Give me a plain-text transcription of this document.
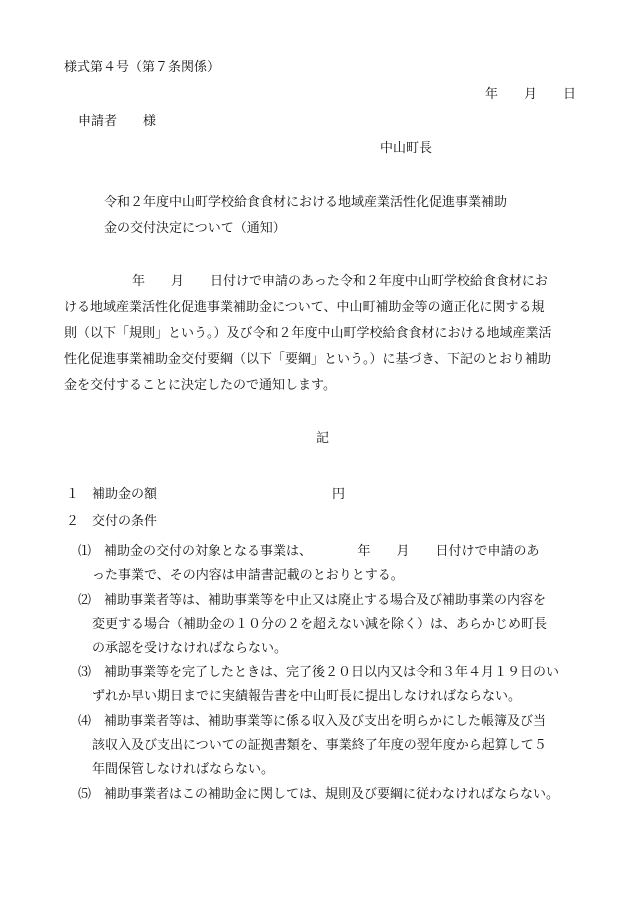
様式第４号（第７条関係）
年　　月　　日
申請者　　様
中山町長
令和２年度中山町学校給食食材における地域産業活性化促進事業補助
金の交付決定について（通知）
年　　月　　日付けで申請のあった令和２年度中山町学校給食食材にお
ける地域産業活性化促進事業補助金について、中山町補助金等の適正化に関する規
則（以下「規則」という。）及び令和２年度中山町学校給食食材における地域産業活
性化促進事業補助金交付要綱（以下「要綱」という。）に基づき、下記のとおり補助
金を交付することに決定したので通知します。
記
１ 補助金の額	円
２ 交付の条件
⑴ 補助金の交付の対象となる事業は、　　　　年　　月　　日付けで申請のあ
った事業で、その内容は申請書記載のとおりとする。
⑵ 補助事業者等は、補助事業等を中止又は廃止する場合及び補助事業の内容を
変更する場合（補助金の１０分の２を超えない減を除く）は、あらかじめ町長
の承認を受けなければならない。
⑶ 補助事業等を完了したときは、完了後２０日以内又は令和３年４月１９日のい
ずれか早い期日までに実績報告書を中山町長に提出しなければならない。
⑷ 補助事業者等は、補助事業等に係る収入及び支出を明らかにした帳簿及び当
該収入及び支出についての証拠書類を、事業終了年度の翌年度から起算して５
年間保管しなければならない。
⑸ 補助事業者はこの補助金に関しては、規則及び要綱に従わなければならない。
